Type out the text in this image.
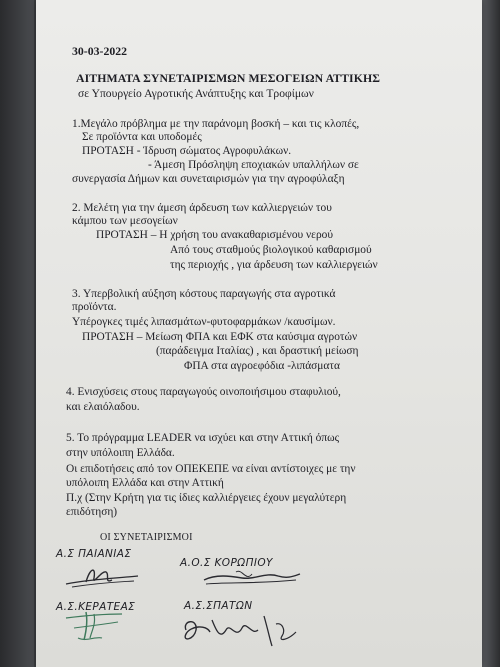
30-03-2022
ΑΙΤΗΜΑΤΑ ΣΥΝΕΤΑΙΡΙΣΜΩΝ ΜΕΣΟΓΕΙΩΝ ΑΤΤΙΚΗΣ
σε Υπουργείο Αγροτικής Ανάπτυξης και Τροφίμων
1.Μεγάλο πρόβλημα με την παράνομη βοσκή – και τις κλοπές,
Σε προϊόντα και υποδομές
ΠΡΟΤΑΣΗ - Ίδρυση σώματος Αγροφυλάκων.
- Άμεση Πρόσληψη εποχιακών υπαλλήλων σε
συνεργασία Δήμων και συνεταιρισμών για την αγροφύλαξη
2. Μελέτη για την άμεση άρδευση των καλλιεργειών του
κάμπου των μεσογείων
ΠΡΟΤΑΣΗ – Η χρήση του ανακαθαρισμένου νερού
Από τους σταθμούς βιολογικού καθαρισμού
της περιοχής , για άρδευση των καλλιεργειών
3. Υπερβολική αύξηση κόστους παραγωγής στα αγροτικά
προϊόντα.
Υπέρογκες τιμές λιπασμάτων-φυτοφαρμάκων /καυσίμων.
ΠΡΟΤΑΣΗ – Μείωση ΦΠΑ και ΕΦΚ στα καύσιμα αγροτών
(παράδειγμα Ιταλίας) , και δραστική μείωση
ΦΠΑ στα αγροεφόδια -λιπάσματα
4. Ενισχύσεις στους παραγωγούς οινοποιήσιμου σταφυλιού,
και ελαιόλαδου.
5. Το πρόγραμμα LEADER να ισχύει και στην Αττική όπως
στην υπόλοιπη Ελλάδα.
Οι επιδοτήσεις από τον ΟΠΕΚΕΠΕ να είναι αντίστοιχες με την
υπόλοιπη Ελλάδα και στην Αττική
Π.χ (Στην Κρήτη για τις ίδιες καλλιέργειες έχουν μεγαλύτερη
επιδότηση)
ΟΙ ΣΥΝΕΤΑΙΡΙΣΜΟΙ
Α.Σ ΠΑΙΑΝΙΑΣ
Α.Ο.Σ ΚΟΡΩΠΙΟΥ
Α.Σ.ΚΕΡΑΤΕΑΣ	Α.Σ.ΣΠΑΤΩΝ
